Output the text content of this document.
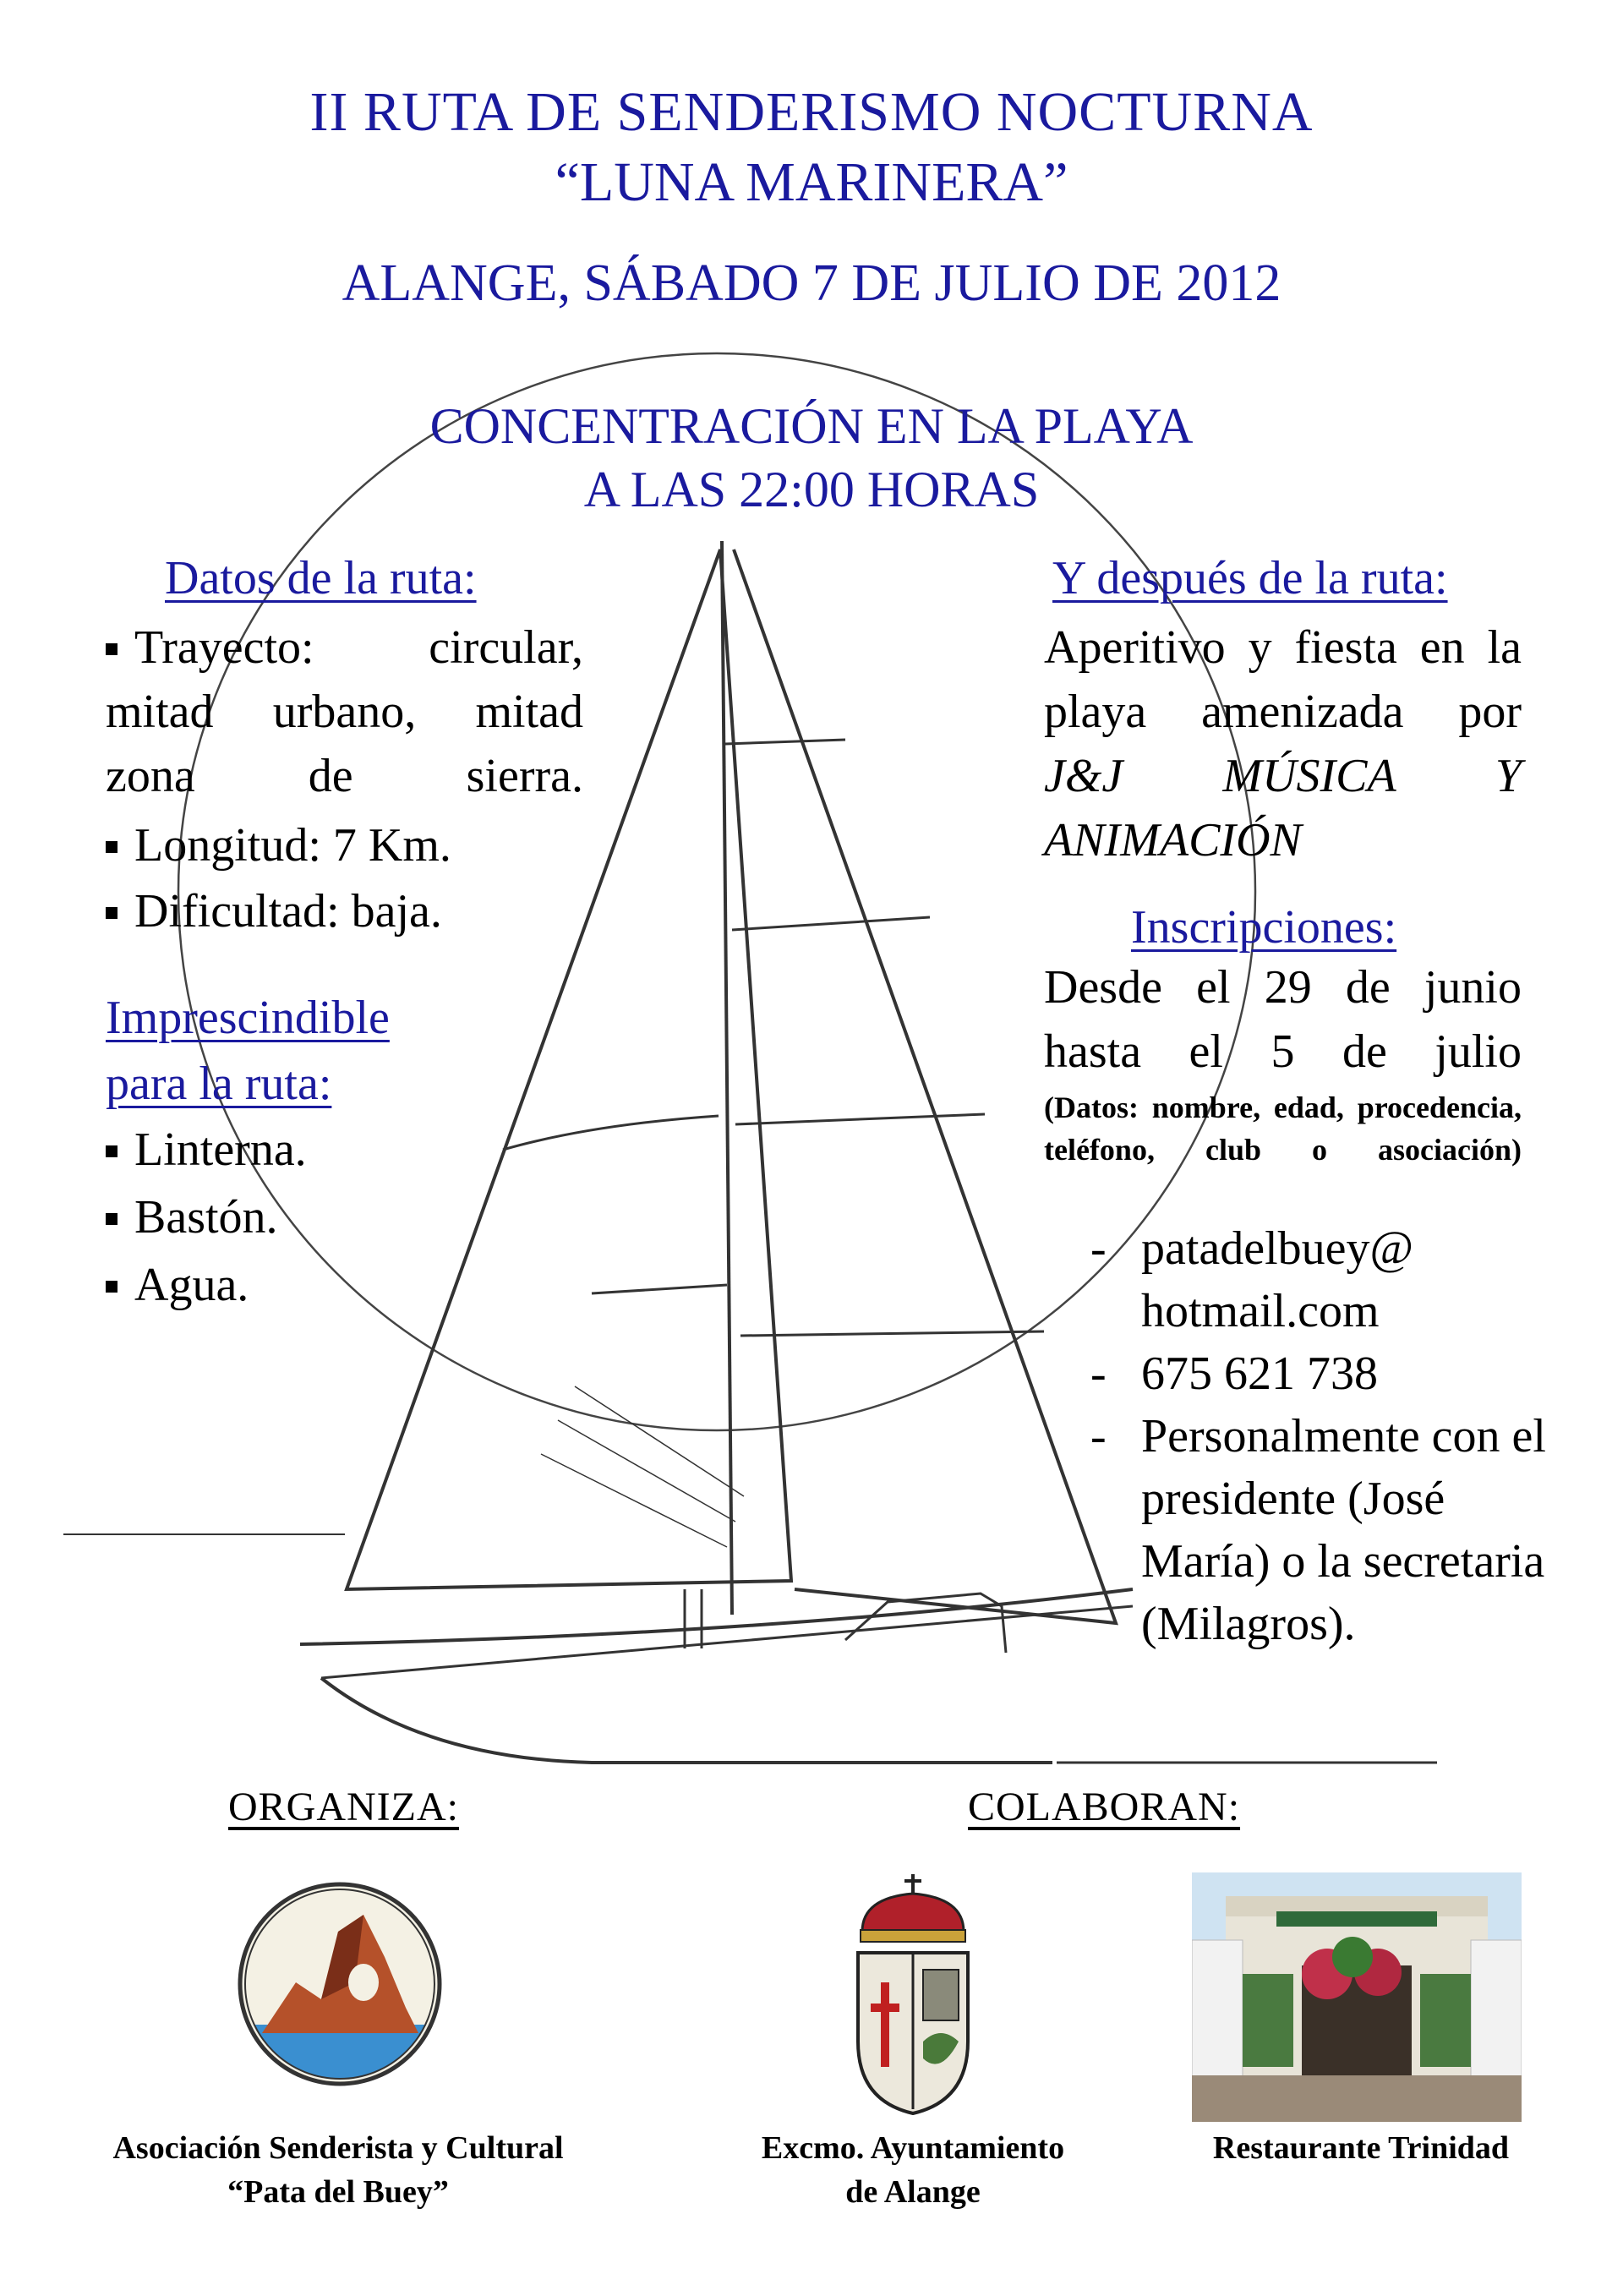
II RUTA DE SENDERISMO NOCTURNA
“LUNA MARINERA”
ALANGE, SÁBADO 7 DE JULIO DE 2012
CONCENTRACIÓN EN LA PLAYA
A LAS 22:00 HORAS
Datos de la ruta:
Trayecto: circular, mitad urbano, mitad zona de sierra.
Longitud: 7 Km.
Dificultad: baja.
Imprescindible
para la ruta:
Linterna.
Bastón.
Agua.
Y después de la ruta:
Aperitivo y fiesta en la playa amenizada por J&J MÚSICA Y ANIMACIÓN
Inscripciones:
Desde el 29 de junio hasta el 5 de julio
(Datos: nombre, edad, procedencia, teléfono, club o asociación)
- patadelbuey@
hotmail.com
- 675 621 738
- Personalmente con el presidente (José María) o la secretaria (Milagros).
ORGANIZA:	COLABORAN:
Asociación Senderista y Cultural
“Pata del Buey”
Excmo. Ayuntamiento
de Alange
Restaurante Trinidad
